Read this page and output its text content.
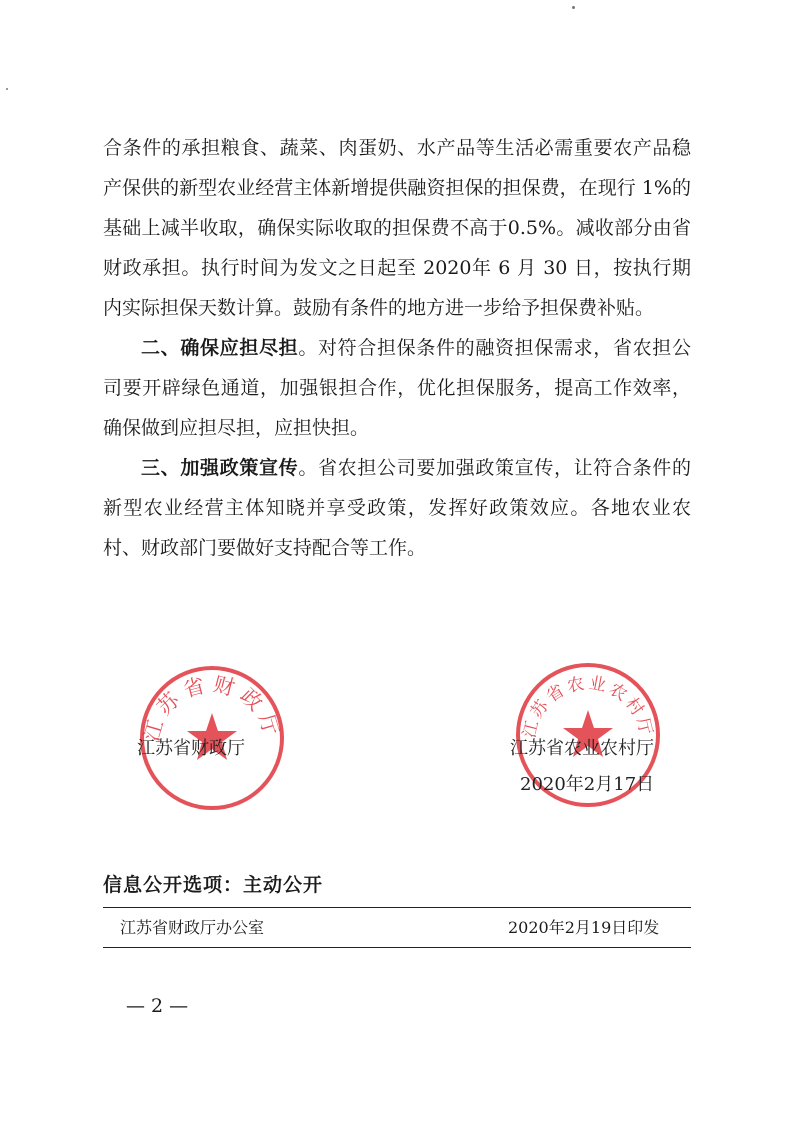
合条件的承担粮食、蔬菜、肉蛋奶、水产品等生活必需重要农产品稳产保供的新型农业经营主体新增提供融资担保的担保费，在现行 1%的基础上减半收取，确保实际收取的担保费不高于0.5%。减收部分由省财政承担。执行时间为发文之日起至 2020年 6 月 30 日，按执行期内实际担保天数计算。鼓励有条件的地方进一步给予担保费补贴。

二、确保应担尽担。对符合担保条件的融资担保需求，省农担公司要开辟绿色通道，加强银担合作，优化担保服务，提高工作效率，确保做到应担尽担，应担快担。

三、加强政策宣传。省农担公司要加强政策宣传，让符合条件的新型农业经营主体知晓并享受政策，发挥好政策效应。各地农业农村、财政部门要做好支持配合等工作。

江苏省财政厅	江苏省农业农村厅
江苏省财政厅	江苏省农业农村厅
2020年2月17日
信息公开选项：主动公开
江苏省财政厅办公室	2020年2月19日印发
— 2 —
